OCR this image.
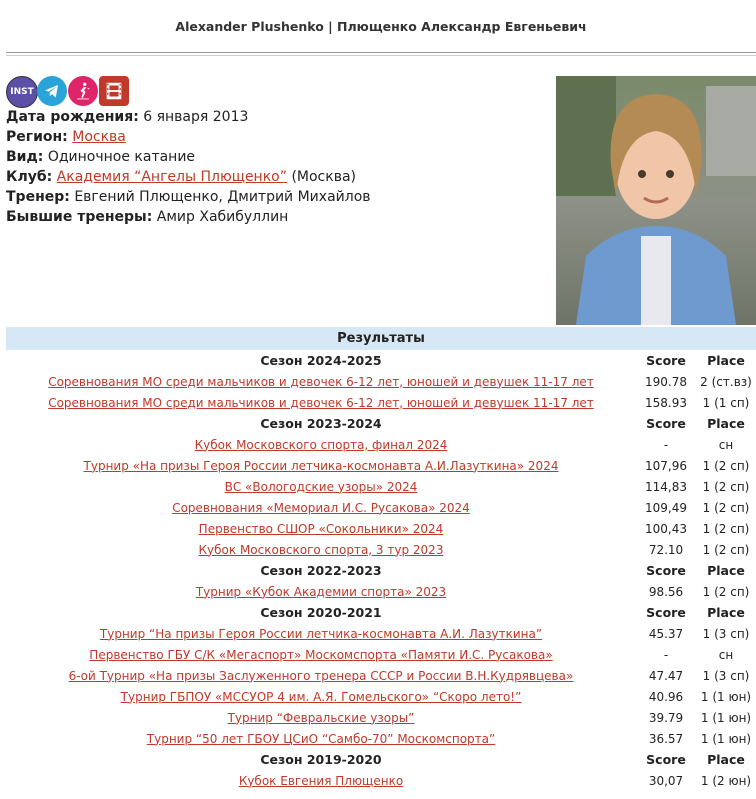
Alexander Plushenko | Плющенко Александр Евгеньевич
INST
Дата рождения: 6 января 2013
Регион: Москва
Вид: Одиночное катание
Клуб: Академия “Ангелы Плющенко” (Москва)
Тренер: Евгений Плющенко, Дмитрий Михайлов
Бывшие тренеры: Амир Хабибуллин
Результаты		
Сезон 2024-2025	Score	Place
Соревнования МО среди мальчиков и девочек 6-12 лет, юношей и девушек 11-17 лет	190.78	2 (ст.вз)
Соревнования МО среди мальчиков и девочек 6-12 лет, юношей и девушек 11-17 лет	158.93	1 (1 сп)
Сезон 2023-2024	Score	Place
Кубок Московского спорта, финал 2024	-	сн
Турнир «На призы Героя России летчика-космонавта А.И.Лазуткина» 2024	107,96	1 (2 сп)
ВС «Вологодские узоры» 2024	114,83	1 (2 сп)
Соревнования «Мемориал И.С. Русакова» 2024	109,49	1 (2 сп)
Первенство СШОР «Сокольники» 2024	100,43	1 (2 сп)
Кубок Московского спорта, 3 тур 2023	72.10	1 (2 сп)
Сезон 2022-2023	Score	Place
Турнир «Кубок Академии спорта» 2023	98.56	1 (2 сп)
Сезон 2020-2021	Score	Place
Турнир “На призы Героя России летчика-космонавта А.И. Лазуткина”	45.37	1 (3 сп)
Первенство ГБУ С/К «Мегаспорт» Москомспорта «Памяти И.С. Русакова»	-	сн
6-ой Турнир «На призы Заслуженного тренера СССР и России В.Н.Кудрявцева»	47.47	1 (3 сп)
Турнир ГБПОУ «МССУОР 4 им. А.Я. Гомельского» “Скоро лето!”	40.96	1 (1 юн)
Турнир “Февральские узоры”	39.79	1 (1 юн)
Турнир “50 лет ГБОУ ЦСиО “Самбо-70” Москомспорта”	36.57	1 (1 юн)
Сезон 2019-2020	Score	Place
Кубок Евгения Плющенко	30,07	1 (2 юн)
